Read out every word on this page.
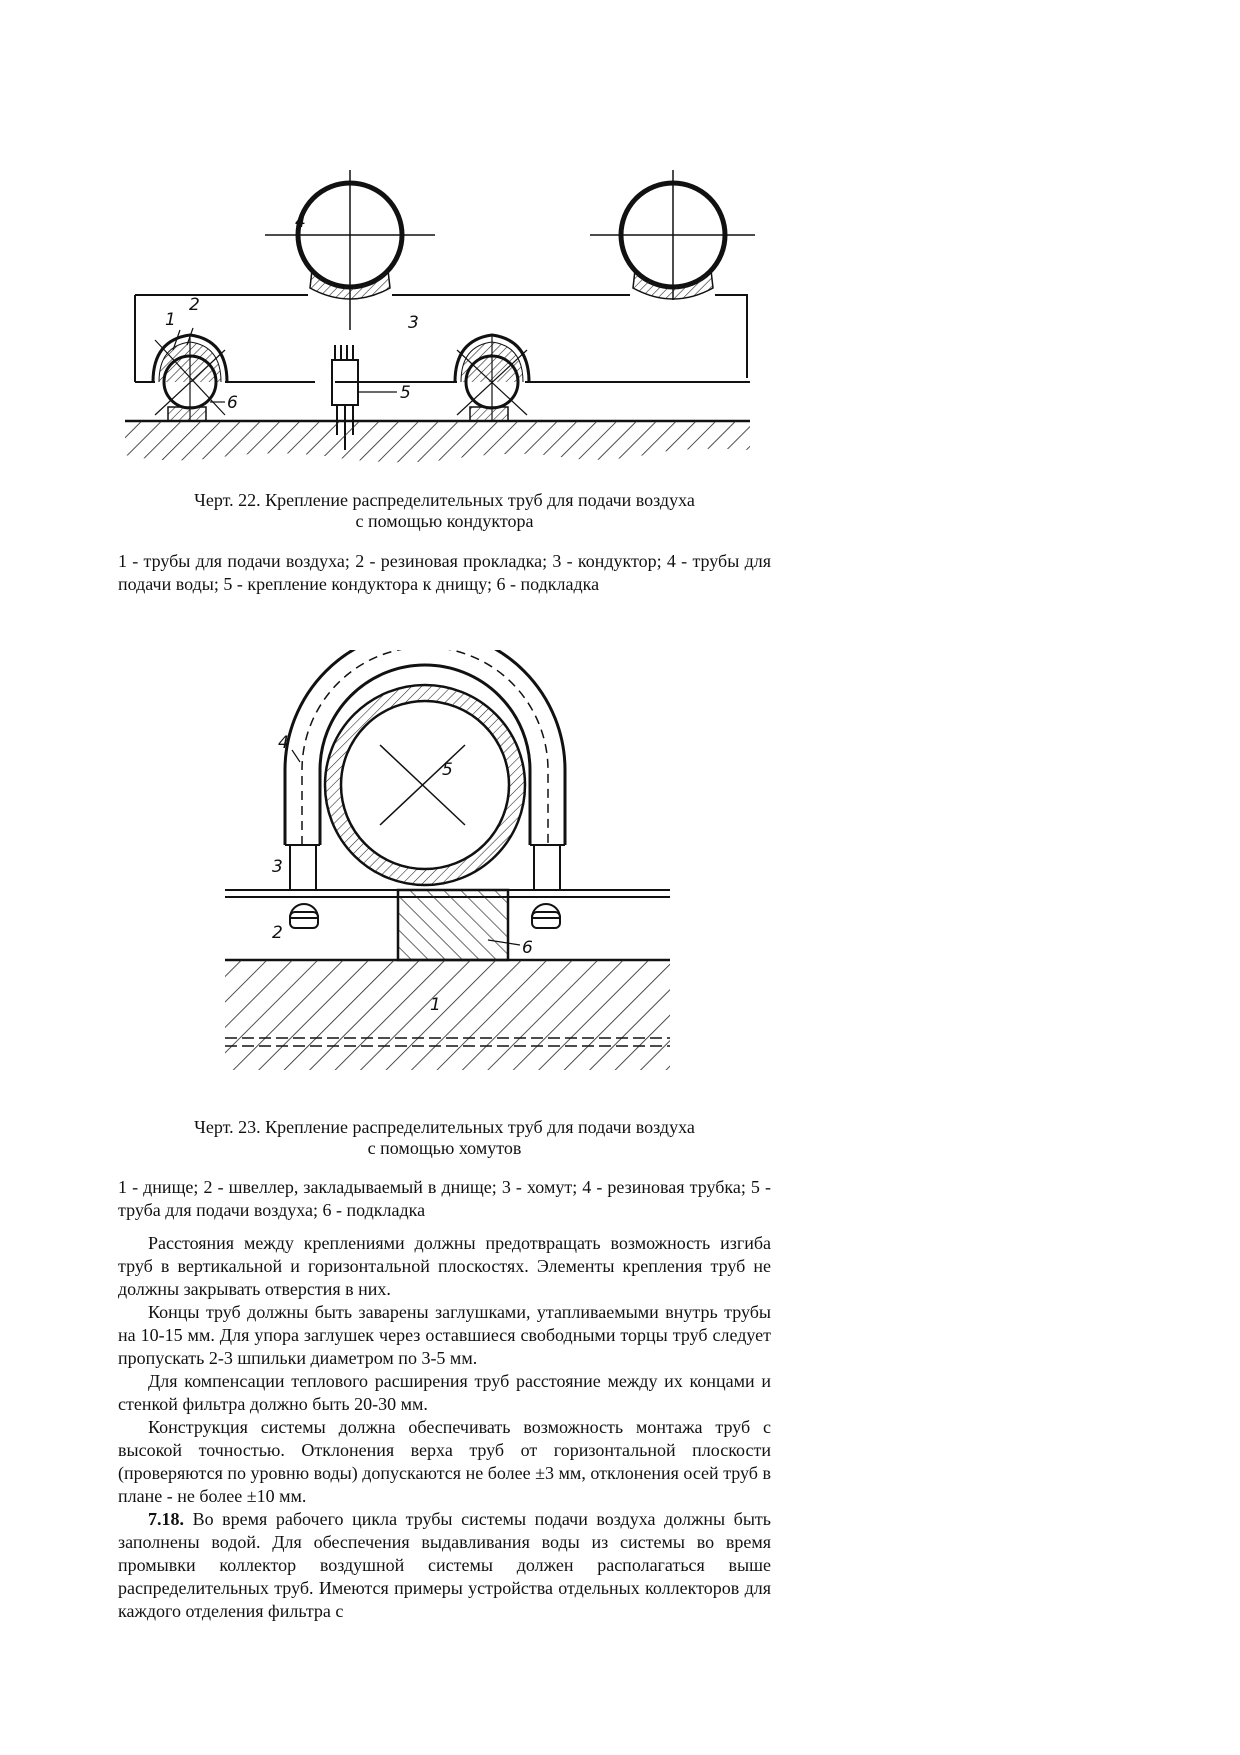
4
3
1
2
5
6
Черт. 22. Крепление распределительных труб для подачи воздуха
с помощью кондуктора
1 - трубы для подачи воздуха; 2 - резиновая прокладка; 3 - кондуктор; 4 - трубы для подачи воды; 5 - крепление кондуктора к днищу; 6 - подкладка
5
4
3
2
6
1
Черт. 23. Крепление распределительных труб для подачи воздуха
с помощью хомутов
1 - днище; 2 - швеллер, закладываемый в днище; 3 - хомут; 4 - резиновая трубка; 5 - труба для подачи воздуха; 6 - подкладка

Расстояния между креплениями должны предотвращать возможность изгиба труб в вертикальной и горизонтальной плоскостях. Элементы крепления труб не должны закрывать отверстия в них.

Концы труб должны быть заварены заглушками, утапливаемыми внутрь трубы на 10-15 мм. Для упора заглушек через оставшиеся свободными торцы труб следует пропускать 2-3 шпильки диаметром по 3-5 мм.

Для компенсации теплового расширения труб расстояние между их концами и стенкой фильтра должно быть 20-30 мм.

Конструкция системы должна обеспечивать возможность монтажа труб с высокой точностью. Отклонения верха труб от горизонтальной плоскости (проверяются по уровню воды) допускаются не более ±3 мм, отклонения осей труб в плане - не более ±10 мм.

7.18. Во время рабочего цикла трубы системы подачи воздуха должны быть заполнены водой. Для обеспечения выдавливания воды из системы во время промывки коллектор воздушной системы должен располагаться выше распределительных труб. Имеются примеры устройства отдельных коллекторов для каждого отделения фильтра с
